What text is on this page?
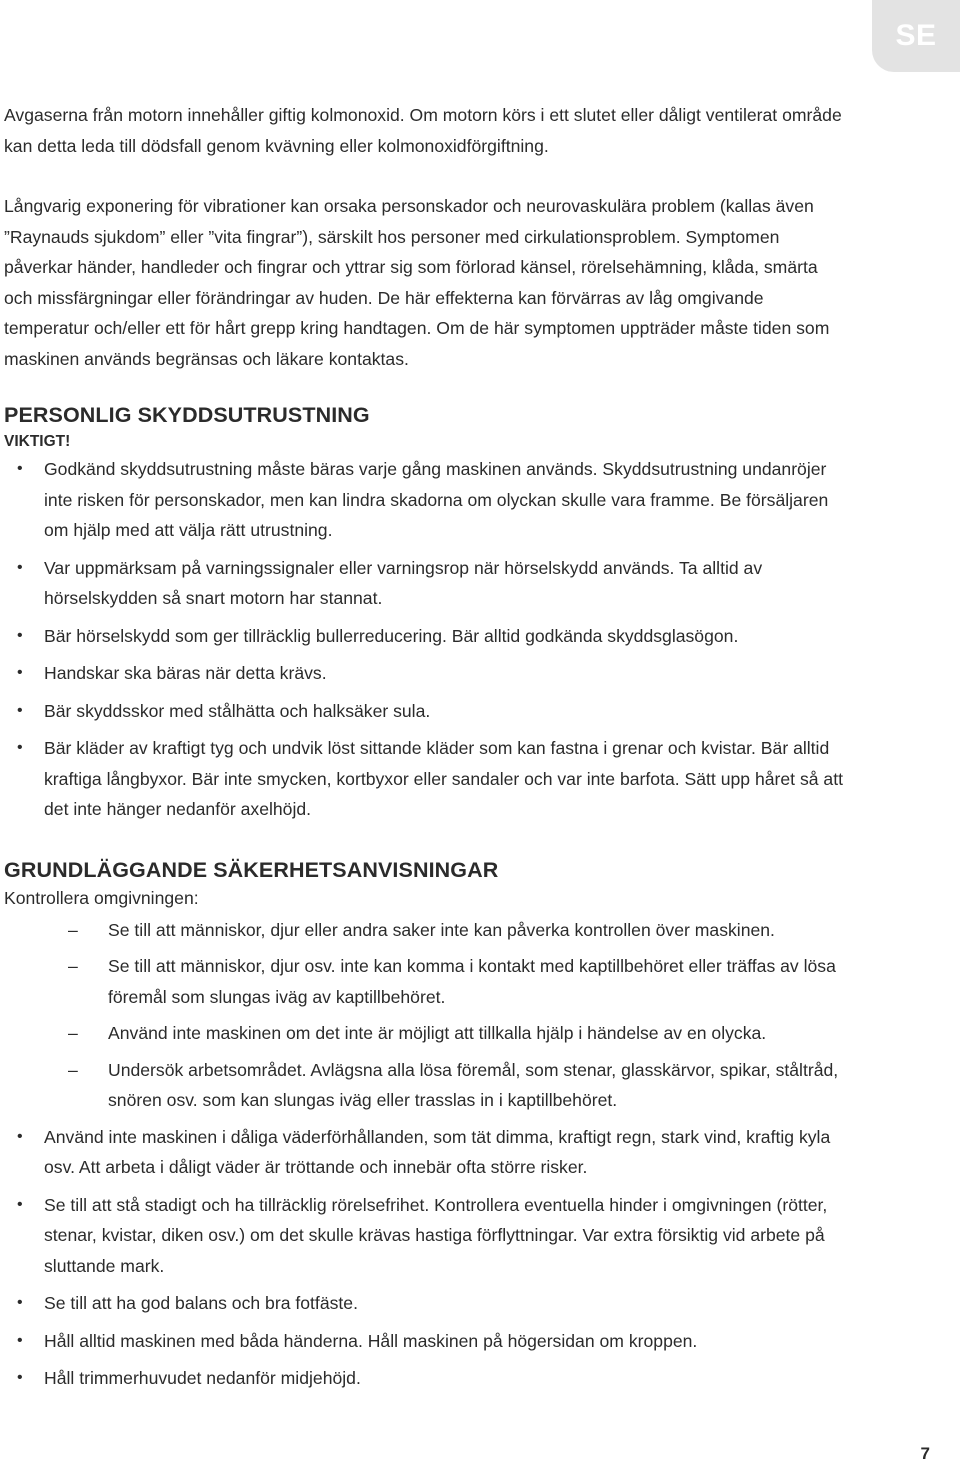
SE

Avgaserna från motorn innehåller giftig kolmonoxid. Om motorn körs i ett slutet eller dåligt ventilerat område kan detta leda till dödsfall genom kvävning eller kolmonoxidförgiftning.

Långvarig exponering för vibrationer kan orsaka personskador och neurovaskulära problem (kallas även ”Raynauds sjukdom” eller ”vita fingrar”), särskilt hos personer med cirkulationsproblem. Symptomen påverkar händer, handleder och fingrar och yttrar sig som förlorad känsel, rörelsehämning, klåda, smärta och missfärgningar eller förändringar av huden. De här effekterna kan förvärras av låg omgivande temperatur och/eller ett för hårt grepp kring handtagen. Om de här symptomen uppträder måste tiden som maskinen används begränsas och läkare kontaktas.

PERSONLIG SKYDDSUTRUSTNING
VIKTIGT!
• Godkänd skyddsutrustning måste bäras varje gång maskinen används. Skyddsutrustning undanröjer inte risken för personskador, men kan lindra skadorna om olyckan skulle vara framme. Be försäljaren om hjälp med att välja rätt utrustning.
• Var uppmärksam på varningssignaler eller varningsrop när hörselskydd används. Ta alltid av hörselskydden så snart motorn har stannat.
• Bär hörselskydd som ger tillräcklig bullerreducering. Bär alltid godkända skyddsglasögon.
• Handskar ska bäras när detta krävs.
• Bär skyddsskor med stålhätta och halksäker sula.
• Bär kläder av kraftigt tyg och undvik löst sittande kläder som kan fastna i grenar och kvistar. Bär alltid kraftiga långbyxor. Bär inte smycken, kortbyxor eller sandaler och var inte barfota. Sätt upp håret så att det inte hänger nedanför axelhöjd.
GRUNDLÄGGANDE SÄKERHETSANVISNINGAR
Kontrollera omgivningen:
– Se till att människor, djur eller andra saker inte kan påverka kontrollen över maskinen.
– Se till att människor, djur osv. inte kan komma i kontakt med kaptillbehöret eller träffas av lösa föremål som slungas iväg av kaptillbehöret.
– Använd inte maskinen om det inte är möjligt att tillkalla hjälp i händelse av en olycka.
– Undersök arbetsområdet. Avlägsna alla lösa föremål, som stenar, glasskärvor, spikar, ståltråd, snören osv. som kan slungas iväg eller trasslas in i kaptillbehöret.
• Använd inte maskinen i dåliga väderförhållanden, som tät dimma, kraftigt regn, stark vind, kraftig kyla osv. Att arbeta i dåligt väder är tröttande och innebär ofta större risker.
• Se till att stå stadigt och ha tillräcklig rörelsefrihet. Kontrollera eventuella hinder i omgivningen (rötter, stenar, kvistar, diken osv.) om det skulle krävas hastiga förflyttningar. Var extra försiktig vid arbete på sluttande mark.
• Se till att ha god balans och bra fotfäste.
• Håll alltid maskinen med båda händerna. Håll maskinen på högersidan om kroppen.
• Håll trimmerhuvudet nedanför midjehöjd.
7
